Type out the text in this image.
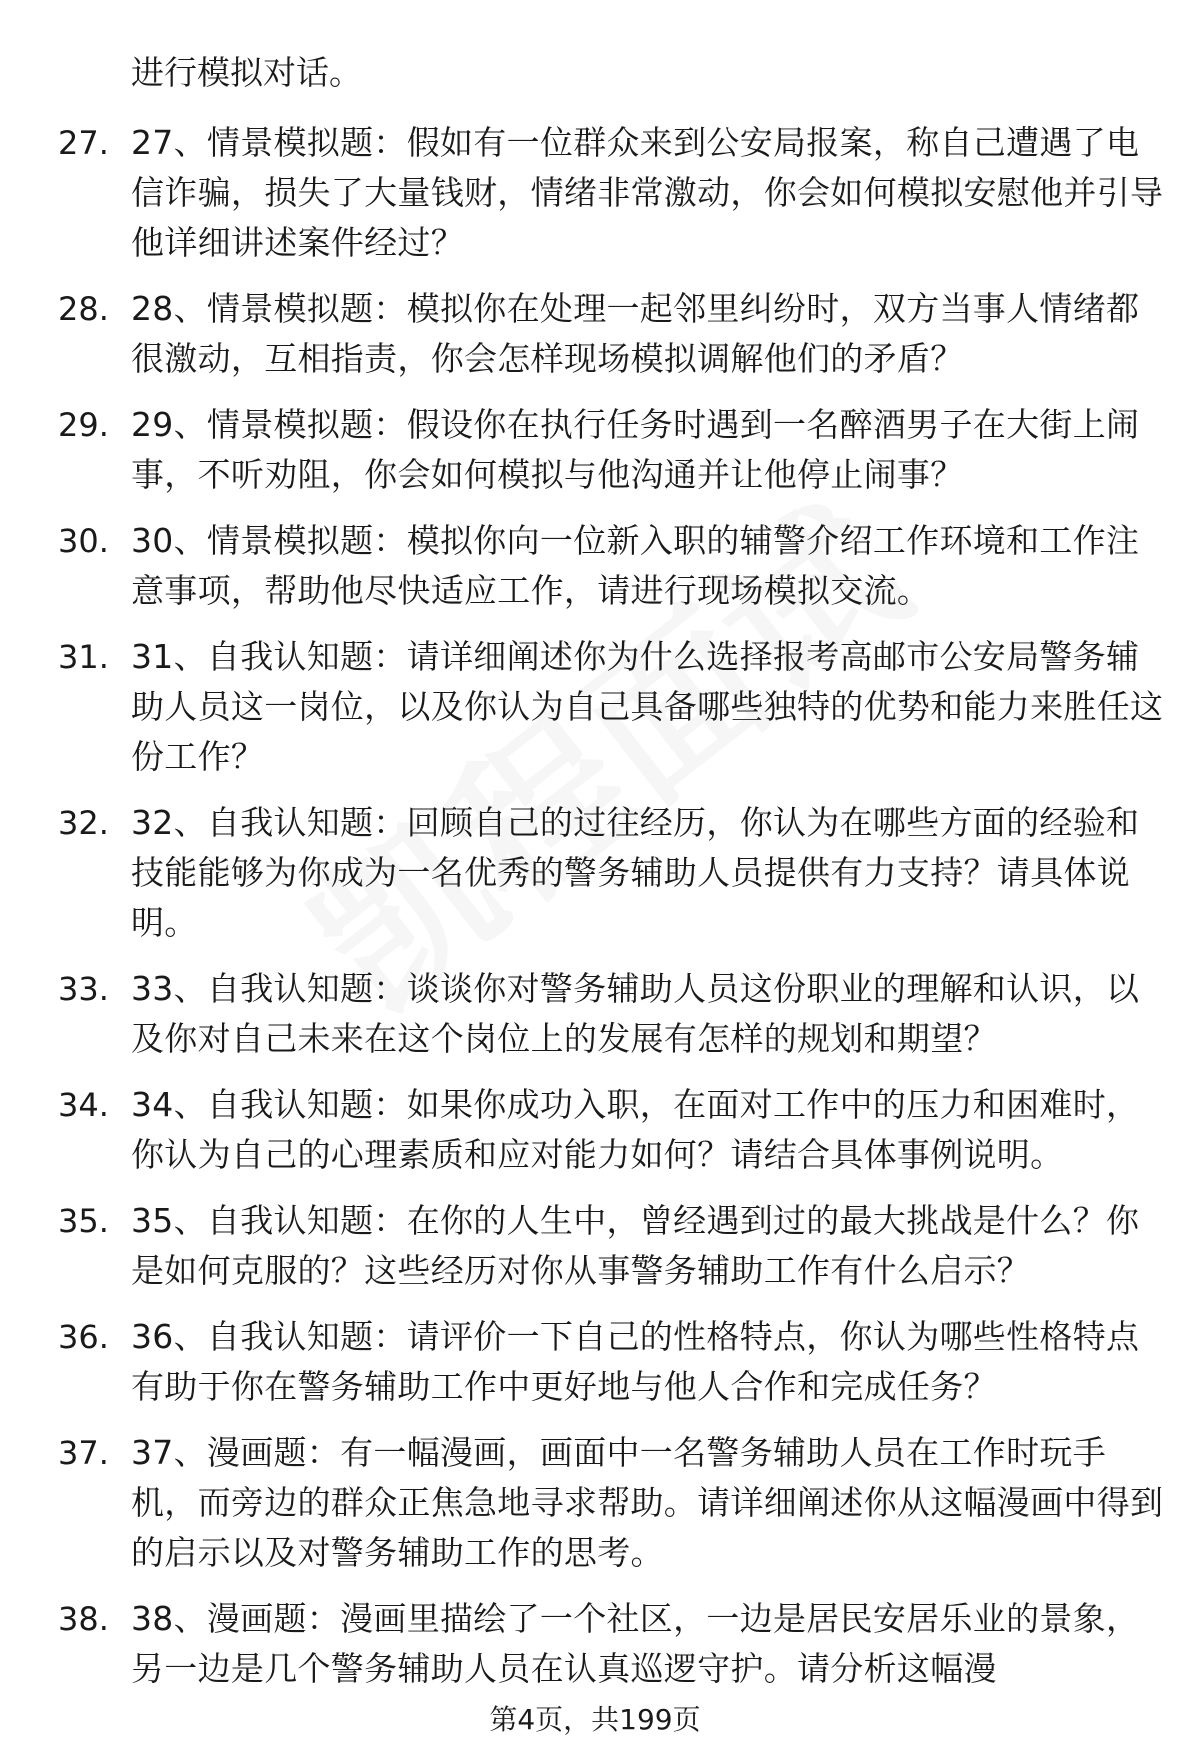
进行模拟对话。
27. 27、情景模拟题：假如有一位群众来到公安局报案，称自己遭遇了电信诈骗，损失了大量钱财，情绪非常激动，你会如何模拟安慰他并引导他详细讲述案件经过？
28. 28、情景模拟题：模拟你在处理一起邻里纠纷时，双方当事人情绪都很激动，互相指责，你会怎样现场模拟调解他们的矛盾？
29. 29、情景模拟题：假设你在执行任务时遇到一名醉酒男子在大街上闹事，不听劝阻，你会如何模拟与他沟通并让他停止闹事？
30. 30、情景模拟题：模拟你向一位新入职的辅警介绍工作环境和工作注意事项，帮助他尽快适应工作，请进行现场模拟交流。
31. 31、自我认知题：请详细阐述你为什么选择报考高邮市公安局警务辅助人员这一岗位，以及你认为自己具备哪些独特的优势和能力来胜任这份工作？
32. 32、自我认知题：回顾自己的过往经历，你认为在哪些方面的经验和技能能够为你成为一名优秀的警务辅助人员提供有力支持？请具体说明。
33. 33、自我认知题：谈谈你对警务辅助人员这份职业的理解和认识，以及你对自己未来在这个岗位上的发展有怎样的规划和期望？
34. 34、自我认知题：如果你成功入职，在面对工作中的压力和困难时，你认为自己的心理素质和应对能力如何？请结合具体事例说明。
35. 35、自我认知题：在你的人生中，曾经遇到过的最大挑战是什么？你是如何克服的？这些经历对你从事警务辅助工作有什么启示？
36. 36、自我认知题：请评价一下自己的性格特点，你认为哪些性格特点有助于你在警务辅助工作中更好地与他人合作和完成任务？
37. 37、漫画题：有一幅漫画，画面中一名警务辅助人员在工作时玩手机，而旁边的群众正焦急地寻求帮助。请详细阐述你从这幅漫画中得到的启示以及对警务辅助工作的思考。
38. 38、漫画题：漫画里描绘了一个社区，一边是居民安居乐业的景象，另一边是几个警务辅助人员在认真巡逻守护。请分析这幅漫
第4页，共199页
